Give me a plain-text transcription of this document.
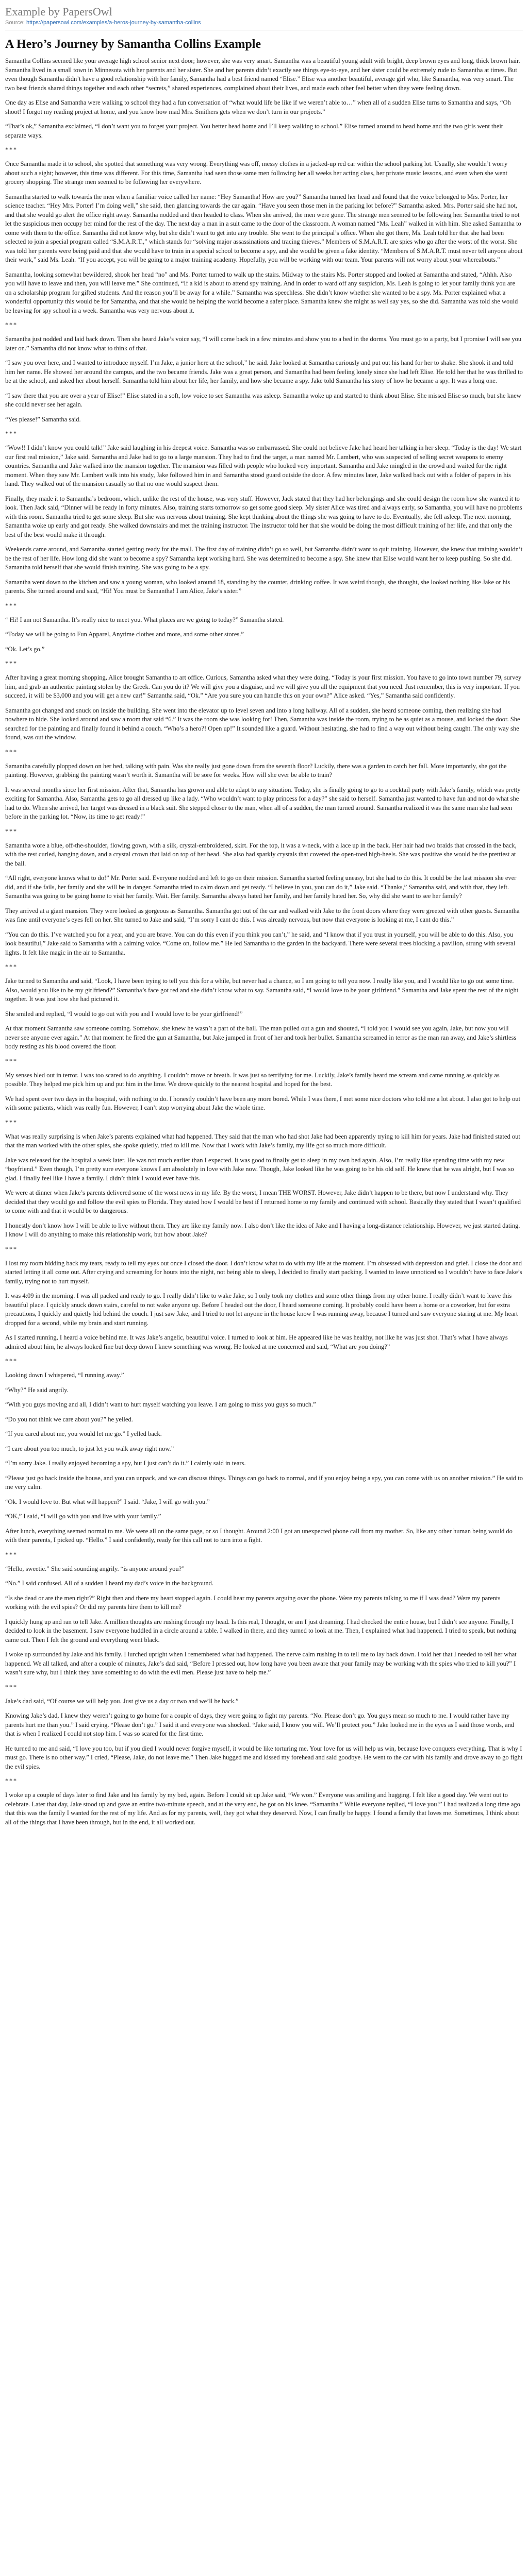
Example by PapersOwl
Source: https://papersowl.com/examples/a-heros-journey-by-samantha-collins
A Hero’s Journey by Samantha Collins Example

Samantha Collins seemed like your average high school senior next door; however, she was very smart. Samantha was a beautiful young adult with bright, deep brown eyes and long, thick brown hair. Samantha lived in a small town in Minnesota with her parents and her sister. She and her parents didn’t exactly see things eye-to-eye, and her sister could be extremely rude to Samantha at times. But even though Samantha didn’t have a good relationship with her family, Samantha had a best friend named “Elise.” Elise was another beautiful, average girl who, like Samantha, was very smart. The two best friends shared things together and each other “secrets,” shared experiences, complained about their lives, and made each other feel better when they were feeling down.

One day as Elise and Samantha were walking to school they had a fun conversation of “what would life be like if we weren’t able to…” when all of a sudden Elise turns to Samantha and says, “Oh shoot! I forgot my reading project at home, and you know how mad Mrs. Smithers gets when we don’t turn in our projects.”

“That’s ok,” Samantha exclaimed, “I don’t want you to forget your project. You better head home and I’ll keep walking to school.” Elise turned around to head home and the two girls went their separate ways.

***

Once Samantha made it to school, she spotted that something was very wrong. Everything was off, messy clothes in a jacked-up red car within the school parking lot. Usually, she wouldn’t worry about such a sight; however, this time was different. For this time, Samantha had seen those same men following her all weeks her acting class, her private music lessons, and even when she went grocery shopping. The strange men seemed to be following her everywhere.

Samantha started to walk towards the men when a familiar voice called her name: “Hey Samantha! How are you?” Samantha turned her head and found that the voice belonged to Mrs. Porter, her science teacher. “Hey Mrs. Porter! I’m doing well,” she said, then glancing towards the car again. “Have you seen those men in the parking lot before?” Samantha asked. Mrs. Porter said she had not, and that she would go alert the office right away. Samantha nodded and then headed to class. When she arrived, the men were gone. The strange men seemed to be following her. Samantha tried to not let the suspicious men occupy her mind for the rest of the day. The next day a man in a suit came to the door of the classroom. A woman named “Ms. Leah” walked in with him. She asked Samantha to come with them to the office. Samantha did not know why, but she didn’t want to get into any trouble. She went to the principal’s office. When she got there, Ms. Leah told her that she had been selected to join a special program called “S.M.A.R.T.,” which stands for “solving major assassinations and tracing thieves.” Members of S.M.A.R.T. are spies who go after the worst of the worst. She was told her parents were being paid and that she would have to train in a special school to become a spy, and she would be given a fake identity. “Members of S.M.A.R.T. must never tell anyone about their work,” said Ms. Leah. “If you accept, you will be going to a major training academy. Hopefully, you will be working with our team. Your parents will not worry about your whereabouts.”

Samantha, looking somewhat bewildered, shook her head “no” and Ms. Porter turned to walk up the stairs. Midway to the stairs Ms. Porter stopped and looked at Samantha and stated, “Ahhh. Also you will have to leave and then, you will leave me.” She continued, “If a kid is about to attend spy training. And in order to ward off any suspicion, Ms. Leah is going to let your family think you are on a scholarship program for gifted students. And the reason you’ll be away for a while.” Samantha was speechless. She didn’t know whether she wanted to be a spy. Ms. Porter explained what a wonderful opportunity this would be for Samantha, and that she would be helping the world become a safer place. Samantha knew she might as well say yes, so she did. Samantha was told she would be leaving for spy school in a week. Samantha was very nervous about it.

***

Samantha just nodded and laid back down. Then she heard Jake’s voice say, “I will come back in a few minutes and show you to a bed in the dorms. You must go to a party, but I promise I will see you later on.” Samantha did not know what to think of that.

“I saw you over here, and I wanted to introduce myself. I’m Jake, a junior here at the school,” he said. Jake looked at Samantha curiously and put out his hand for her to shake. She shook it and told him her name. He showed her around the campus, and the two became friends. Jake was a great person, and Samantha had been feeling lonely since she had left Elise. He told her that he was thrilled to be at the school, and asked her about herself. Samantha told him about her life, her family, and how she became a spy. Jake told Samantha his story of how he became a spy. It was a long one.

“I saw there that you are over a year of Elise!” Elise stated in a soft, low voice to see Samantha was asleep. Samantha woke up and started to think about Elise. She missed Elise so much, but she knew she could never see her again.

“Yes please!” Samantha said.

***

“Wow!! I didn’t know you could talk!” Jake said laughing in his deepest voice. Samantha was so embarrassed. She could not believe Jake had heard her talking in her sleep. “Today is the day! We start our first real mission,” Jake said. Samantha and Jake had to go to a large mansion. They had to find the target, a man named Mr. Lambert, who was suspected of selling secret weapons to enemy countries. Samantha and Jake walked into the mansion together. The mansion was filled with people who looked very important. Samantha and Jake mingled in the crowd and waited for the right moment. When they saw Mr. Lambert walk into his study, Jake followed him in and Samantha stood guard outside the door. A few minutes later, Jake walked back out with a folder of papers in his hand. They walked out of the mansion casually so that no one would suspect them.

Finally, they made it to Samantha’s bedroom, which, unlike the rest of the house, was very stuff. However, Jack stated that they had her belongings and she could design the room how she wanted it to look. Then Jack said, “Dinner will be ready in forty minutes. Also, training starts tomorrow so get some good sleep. My sister Alice was tired and always early, so Samantha, you will have no problems with this room. Samantha tried to get some sleep. But she was nervous about training. She kept thinking about the things she was going to have to do. Eventually, she fell asleep. The next morning, Samantha woke up early and got ready. She walked downstairs and met the training instructor. The instructor told her that she would be doing the most difficult training of her life, and that only the best of the best would make it through.

Weekends came around, and Samantha started getting ready for the mall. The first day of training didn’t go so well, but Samantha didn’t want to quit training. However, she knew that training wouldn’t be the rest of her life. How long did she want to become a spy? Samantha kept working hard. She was determined to become a spy. She knew that Elise would want her to keep pushing. So she did. Samantha told herself that she would finish training. She was going to be a spy.

Samantha went down to the kitchen and saw a young woman, who looked around 18, standing by the counter, drinking coffee. It was weird though, she thought, she looked nothing like Jake or his parents. She turned around and said, “Hi! You must be Samantha! I am Alice, Jake’s sister.”

***

“ Hi! I am not Samantha. It’s really nice to meet you. What places are we going to today?” Samantha stated.

“Today we will be going to Fun Apparel, Anytime clothes and more, and some other stores.”

“Ok. Let’s go.”

***

After having a great morning shopping, Alice brought Samantha to art office. Curious, Samantha asked what they were doing. “Today is your first mission. You have to go into town number 79, survey him, and grab an authentic painting stolen by the Greek. Can you do it? We will give you a disguise, and we will give you all the equipment that you need. Just remember, this is very important. If you succeed, it will be $3,000 and you will get a new car!” Samantha said, “Ok.” “Are you sure you can handle this on your own?” Alice asked. “Yes,” Samantha said confidently.

Samantha got changed and snuck on inside the building. She went into the elevator up to level seven and into a long hallway. All of a sudden, she heard someone coming, then realizing she had nowhere to hide. She looked around and saw a room that said “6.” It was the room she was looking for! Then, Samantha was inside the room, trying to be as quiet as a mouse, and locked the door. She searched for the painting and finally found it behind a couch. “Who’s a hero?! Open up!” It sounded like a guard. Without hesitating, she had to find a way out without being caught. The only way she found, was out the window.

***

Samantha carefully plopped down on her bed, talking with pain. Was she really just gone down from the seventh floor? Luckily, there was a garden to catch her fall. More importantly, she got the painting. However, grabbing the painting wasn’t worth it. Samantha will be sore for weeks. How will she ever be able to train?

It was several months since her first mission. After that, Samantha has grown and able to adapt to any situation. Today, she is finally going to go to a cocktail party with Jake’s family, which was pretty exciting for Samantha. Also, Samantha gets to go all dressed up like a lady. “Who wouldn’t want to play princess for a day?” she said to herself. Samantha just wanted to have fun and not do what she had to do. When she arrived, her target was dressed in a black suit. She stepped closer to the man, when all of a sudden, the man turned around. Samantha realized it was the same man she had seen before in the parking lot. “Now, its time to get ready!”

***

Samantha wore a blue, off-the-shoulder, flowing gown, with a silk, crystal-embroidered, skirt. For the top, it was a v-neck, with a lace up in the back. Her hair had two braids that crossed in the back, with the rest curled, hanging down, and a crystal crown that laid on top of her head. She also had sparkly crystals that covered the open-toed high-heels. She was positive she would be the prettiest at the ball.

“All right, everyone knows what to do!” Mr. Porter said. Everyone nodded and left to go on their mission. Samantha started feeling uneasy, but she had to do this. It could be the last mission she ever did, and if she fails, her family and she will be in danger. Samantha tried to calm down and get ready. “I believe in you, you can do it,” Jake said. “Thanks,” Samantha said, and with that, they left. Samantha was going to be going home to visit her family. Wait. Her family. Samantha always hated her family, and her family hated her. So, why did she want to see her family?

They arrived at a giant mansion. They were looked as gorgeous as Samantha. Samantha got out of the car and walked with Jake to the front doors where they were greeted with other guests. Samantha was fine until everyone’s eyes fell on her. She turned to Jake and said, “I’m sorry I cant do this. I was already nervous, but now that everyone is looking at me, I cant do this.”

“You can do this. I’ve watched you for a year, and you are brave. You can do this even if you think you can’t,” he said, and “I know that if you trust in yourself, you will be able to do this. Also, you look beautiful,” Jake said to Samantha with a calming voice. “Come on, follow me.” He led Samantha to the garden in the backyard. There were several trees blocking a pavilion, strung with several lights. It felt like magic in the air to Samantha.

***

Jake turned to Samantha and said, “Look, I have been trying to tell you this for a while, but never had a chance, so I am going to tell you now. I really like you, and I would like to go out some time. Also, would you like to be my girlfriend?” Samantha’s face got red and she didn’t know what to say. Samantha said, “I would love to be your girlfriend.” Samantha and Jake spent the rest of the night together. It was just how she had pictured it.

She smiled and replied, “I would to go out with you and I would love to be your girlfriend!”

At that moment Samantha saw someone coming. Somehow, she knew he wasn’t a part of the ball. The man pulled out a gun and shouted, “I told you I would see you again, Jake, but now you will never see anyone ever again.” At that moment he fired the gun at Samantha, but Jake jumped in front of her and took her bullet. Samantha screamed in terror as the man ran away, and Jake’s shirtless body resting as his blood covered the floor.

***

My senses bled out in terror. I was too scared to do anything. I couldn’t move or breath. It was just so terrifying for me. Luckily, Jake’s family heard me scream and came running as quickly as possible. They helped me pick him up and put him in the lime. We drove quickly to the nearest hospital and hoped for the best.

We had spent over two days in the hospital, with nothing to do. I honestly couldn’t have been any more bored. While I was there, I met some nice doctors who told me a lot about. I also got to help out with some patients, which was really fun. However, I can’t stop worrying about Jake the whole time.

***

What was really surprising is when Jake’s parents explained what had happened. They said that the man who had shot Jake had been apparently trying to kill him for years. Jake had finished stated out that the man worked with the other spies, she spoke quietly, tried to kill me. Now that I work with Jake’s family, my life got so much more difficult.

Jake was released for the hospital a week later. He was not much earlier than I expected. It was good to finally get to sleep in my own bed again. Also, I’m really like spending time with my new “boyfriend.” Even though, I’m pretty sure everyone knows I am absolutely in love with Jake now. Though, Jake looked like he was going to be his old self. He knew that he was alright, but I was so glad. I finally feel like I have a family. I didn’t think I would ever have this.

We were at dinner when Jake’s parents delivered some of the worst news in my life. By the worst, I mean THE WORST. However, Jake didn’t happen to be there, but now I understand why. They decided that they would go and follow the evil spies to Florida. They stated how I would be best if I returned home to my family and continued with school. Basically they stated that I wasn’t qualified to come with and that it would be to dangerous.

I honestly don’t know how I will be able to live without them. They are like my family now. I also don’t like the idea of Jake and I having a long-distance relationship. However, we just started dating. I know I will do anything to make this relationship work, but how about Jake?

***

I lost my room bidding back my tears, ready to tell my eyes out once I closed the door. I don’t know what to do with my life at the moment. I’m obsessed with depression and grief. I close the door and started letting it all come out. After crying and screaming for hours into the night, not being able to sleep, I decided to finally start packing. I wanted to leave unnoticed so I wouldn’t have to face Jake’s family, trying not to hurt myself.

It was 4:09 in the morning. I was all packed and ready to go. I really didn’t like to wake Jake, so I only took my clothes and some other things from my other home. I really didn’t want to leave this beautiful place. I quickly snuck down stairs, careful to not wake anyone up. Before I headed out the door, I heard someone coming. It probably could have been a home or a coworker, but for extra precautions, I quickly and quietly hid behind the couch. I just saw Jake, and I tried to not let anyone in the house know I was running away, because I turned and saw everyone staring at me. My heart dropped for a second, while my brain and start running.

As I started running, I heard a voice behind me. It was Jake’s angelic, beautiful voice. I turned to look at him. He appeared like he was healthy, not like he was just shot. That’s what I have always admired about him, he always looked fine but deep down I knew something was wrong. He looked at me concerned and said, “What are you doing?”

***

Looking down I whispered, “I running away.”

“Why?” He said angrily.

“With you guys moving and all, I didn’t want to hurt myself watching you leave. I am going to miss you guys so much.”

“Do you not think we care about you?” he yelled.

“If you cared about me, you would let me go.” I yelled back.

“I care about you too much, to just let you walk away right now.”

“I’m sorry Jake. I really enjoyed becoming a spy, but I just can’t do it.” I calmly said in tears.

“Please just go back inside the house, and you can unpack, and we can discuss things. Things can go back to normal, and if you enjoy being a spy, you can come with us on another mission.” He said to me very calm.

“Ok. I would love to. But what will happen?” I said. “Jake, I will go with you.”

“OK,” I said, “I will go with you and live with your family.”

After lunch, everything seemed normal to me. We were all on the same page, or so I thought. Around 2:00 I got an unexpected phone call from my mother. So, like any other human being would do with their parents, I picked up. “Hello.” I said confidently, ready for this call not to turn into a fight.

***

“Hello, sweetie.” She said sounding angrily. “is anyone around you?”

“No.” I said confused. All of a sudden I heard my dad’s voice in the background.

“Is she dead or are the men right?” Right then and there my heart stopped again. I could hear my parents arguing over the phone. Were my parents talking to me if I was dead? Were my parents working with the evil spies? Or did my parents hire them to kill me?

I quickly hung up and ran to tell Jake. A million thoughts are rushing through my head. Is this real, I thought, or am I just dreaming. I had checked the entire house, but I didn’t see anyone. Finally, I decided to look in the basement. I saw everyone huddled in a circle around a table. I walked in there, and they turned to look at me. Then, I explained what had happened. I tried to speak, but nothing came out. Then I felt the ground and everything went black.

I woke up surrounded by Jake and his family. I lurched upright when I remembered what had happened. The nerve calm rushing in to tell me to lay back down. I told her that I needed to tell her what happened. We all talked, and after a couple of minutes, Jake’s dad said, “Before I pressed out, how long have you been aware that your family may be working with the spies who tried to kill you?” I wasn’t sure why, but I think they have something to do with the evil men. Please just have to help me.”

***

Jake’s dad said, “Of course we will help you. Just give us a day or two and we’ll be back.”

Knowing Jake’s dad, I knew they weren’t going to go home for a couple of days, they were going to fight my parents. “No. Please don’t go. You guys mean so much to me. I would rather have my parents hurt me than you.” I said crying. “Please don’t go.” I said it and everyone was shocked. “Jake said, I know you will. We’ll protect you.” Jake looked me in the eyes as I said those words, and that is when I realized I could not stop him. I was so scared for the first time.

He turned to me and said, “I love you too, but if you died I would never forgive myself, it would be like torturing me. Your love for us will help us win, because love conquers everything. That is why I must go. There is no other way.” I cried, “Please, Jake, do not leave me.” Then Jake hugged me and kissed my forehead and said goodbye. He went to the car with his family and drove away to go fight the evil spies.

***

I woke up a couple of days later to find Jake and his family by my bed, again. Before I could sit up Jake said, “We won.” Everyone was smiling and hugging. I felt like a good day. We went out to celebrate. Later that day, Jake stood up and gave an entire two-minute speech, and at the very end, he got on his knee. “Samantha.” While everyone replied, “I love you!” I had realized a long time ago that this was the family I wanted for the rest of my life. And as for my parents, well, they got what they deserved. Now, I can finally be happy. I found a family that loves me. Sometimes, I think about all of the things that I have been through, but in the end, it all worked out.
